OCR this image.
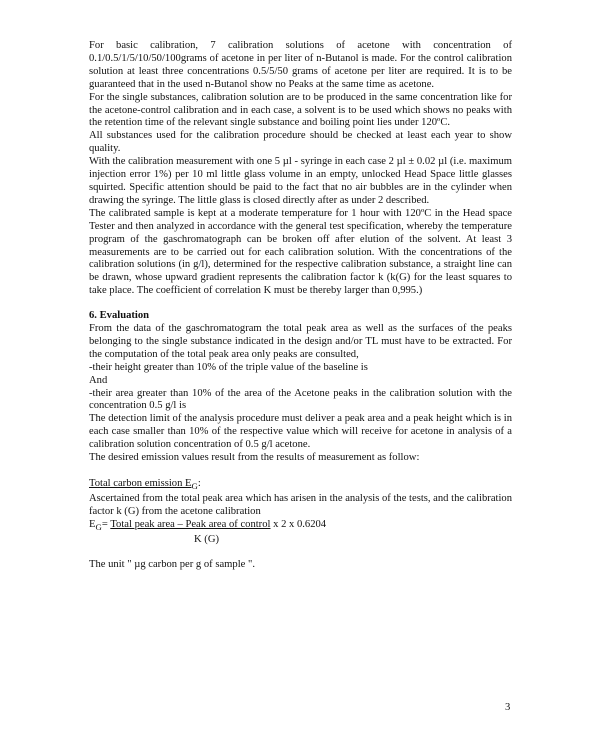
For basic calibration, 7 calibration solutions of acetone with concentration of 0.1/0.5/1/5/10/50/100grams of acetone in per liter of n-Butanol is made. For the control calibration solution at least three concentrations 0.5/5/50 grams of acetone per liter are required. It is to be guaranteed that in the used n-Butanol show no Peaks at the same time as acetone.

For the single substances, calibration solution are to be produced in the same concentration like for the acetone-control calibration and in each case, a solvent is to be used which shows no peaks with the retention time of the relevant single substance and boiling point lies under 120ºC.

All substances used for the calibration procedure should be checked at least each year to show quality.

With the calibration measurement with one 5 µl - syringe in each case 2 µl ± 0.02 µl (i.e. maximum injection error 1%) per 10 ml little glass volume in an empty, unlocked Head Space little glasses squirted. Specific attention should be paid to the fact that no air bubbles are in the cylinder when drawing the syringe. The little glass is closed directly after as under 2 described.

The calibrated sample is kept at a moderate temperature for 1 hour with 120ºC in the Head space Tester and then analyzed in accordance with the general test specification, whereby the temperature program of the gaschromatograph can be broken off after elution of the solvent. At least 3 measurements are to be carried out for each calibration solution. With the concentrations of the calibration solutions (in g/l), determined for the respective calibration substance, a straight line can be drawn, whose upward gradient represents the calibration factor k (k(G) for the least squares to take place. The coefficient of correlation K must be thereby larger than 0,995.)

6. Evaluation

From the data of the gaschromatogram the total peak area as well as the surfaces of the peaks belonging to the single substance indicated in the design and/or TL must have to be extracted. For the computation of the total peak area only peaks are consulted,

-their height greater than 10% of the triple value of the baseline is

And

-their area greater than 10% of the area of the Acetone peaks in the calibration solution with the concentration 0.5 g/l is

The detection limit of the analysis procedure must deliver a peak area and a peak height which is in each case smaller than 10% of the respective value which will receive for acetone in analysis of a calibration solution concentration of 0.5 g/l acetone.

The desired emission values result from the results of measurement as follow:

Total carbon emission $E_G$:

Ascertained from the total peak area which has arisen in the analysis of the tests, and the calibration factor k (G) from the acetone calibration

$E_G=$ Total peak area – Peak area of control x 2 x 0.6204

K (G)

The unit " µg carbon per g of sample ".

3
